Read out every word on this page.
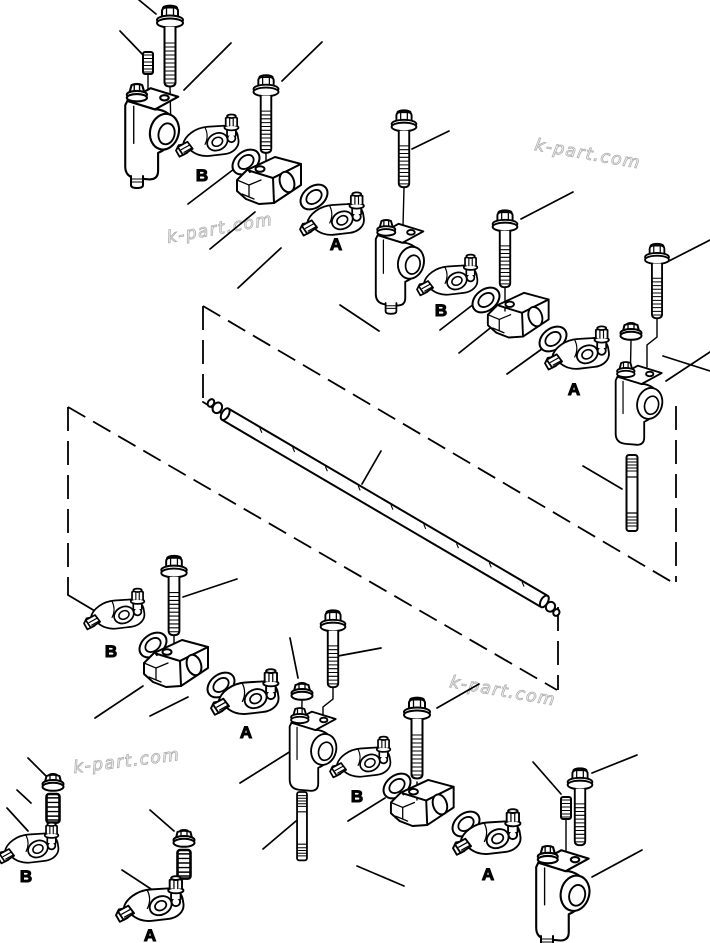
k-part.com
k-part.com
k-part.com
k-part.com
B
A
B
A
B
A
B
A
B
A
